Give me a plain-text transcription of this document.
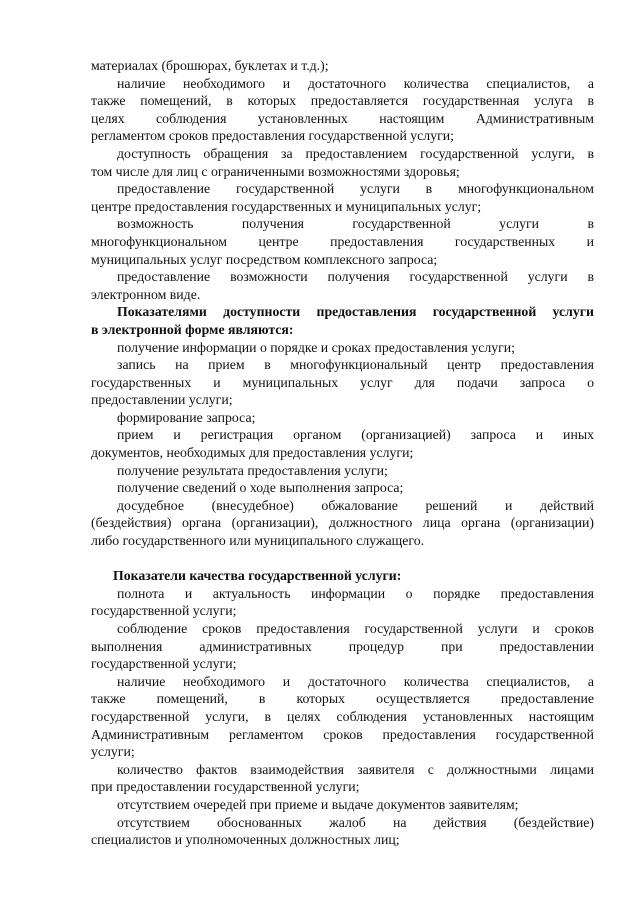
материалах (брошюрах, буклетах и т.д.);
наличие необходимого и достаточного количества специалистов, а
также помещений, в которых предоставляется государственная услуга в
целях соблюдения установленных настоящим Административным
регламентом сроков предоставления государственной услуги;
доступность обращения за предоставлением государственной услуги, в
том числе для лиц с ограниченными возможностями здоровья;
предоставление государственной услуги в многофункциональном
центре предоставления государственных и муниципальных услуг;
возможность получения государственной услуги в
многофункциональном центре предоставления государственных и
муниципальных услуг посредством комплексного запроса;
предоставление возможности получения государственной услуги в
электронном виде.
Показателями доступности предоставления государственной услуги
в электронной форме являются:
получение информации о порядке и сроках предоставления услуги;
запись на прием в многофункциональный центр предоставления
государственных и муниципальных услуг для подачи запроса о
предоставлении услуги;
формирование запроса;
прием и регистрация органом (организацией) запроса и иных
документов, необходимых для предоставления услуги;
получение результата предоставления услуги;
получение сведений о ходе выполнения запроса;
досудебное (внесудебное) обжалование решений и действий
(бездействия) органа (организации), должностного лица органа (организации)
либо государственного или муниципального служащего.
Показатели качества государственной услуги:
полнота и актуальность информации о порядке предоставления
государственной услуги;
соблюдение сроков предоставления государственной услуги и сроков
выполнения административных процедур при предоставлении
государственной услуги;
наличие необходимого и достаточного количества специалистов, а
также помещений, в которых осуществляется предоставление
государственной услуги, в целях соблюдения установленных настоящим
Административным регламентом сроков предоставления государственной
услуги;
количество фактов взаимодействия заявителя с должностными лицами
при предоставлении государственной услуги;
отсутствием очередей при приеме и выдаче документов заявителям;
отсутствием обоснованных жалоб на действия (бездействие)
специалистов и уполномоченных должностных лиц;
